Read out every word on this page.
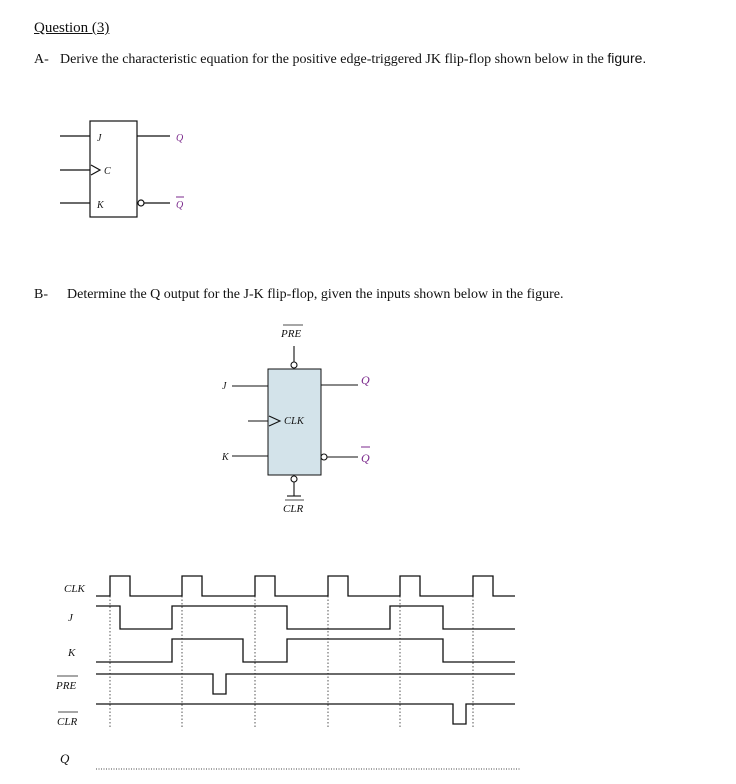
Question (3)
A- Derive the characteristic equation for the positive edge-triggered JK flip-flop shown below in the figure.
B- Determine the Q output for the J-K flip-flop, given the inputs shown below in the figure.
J
C
K
Q
Q
PRE
J
CLK
K
CLR
Q
Q
CLK
J
K
PRE
CLR
Q
